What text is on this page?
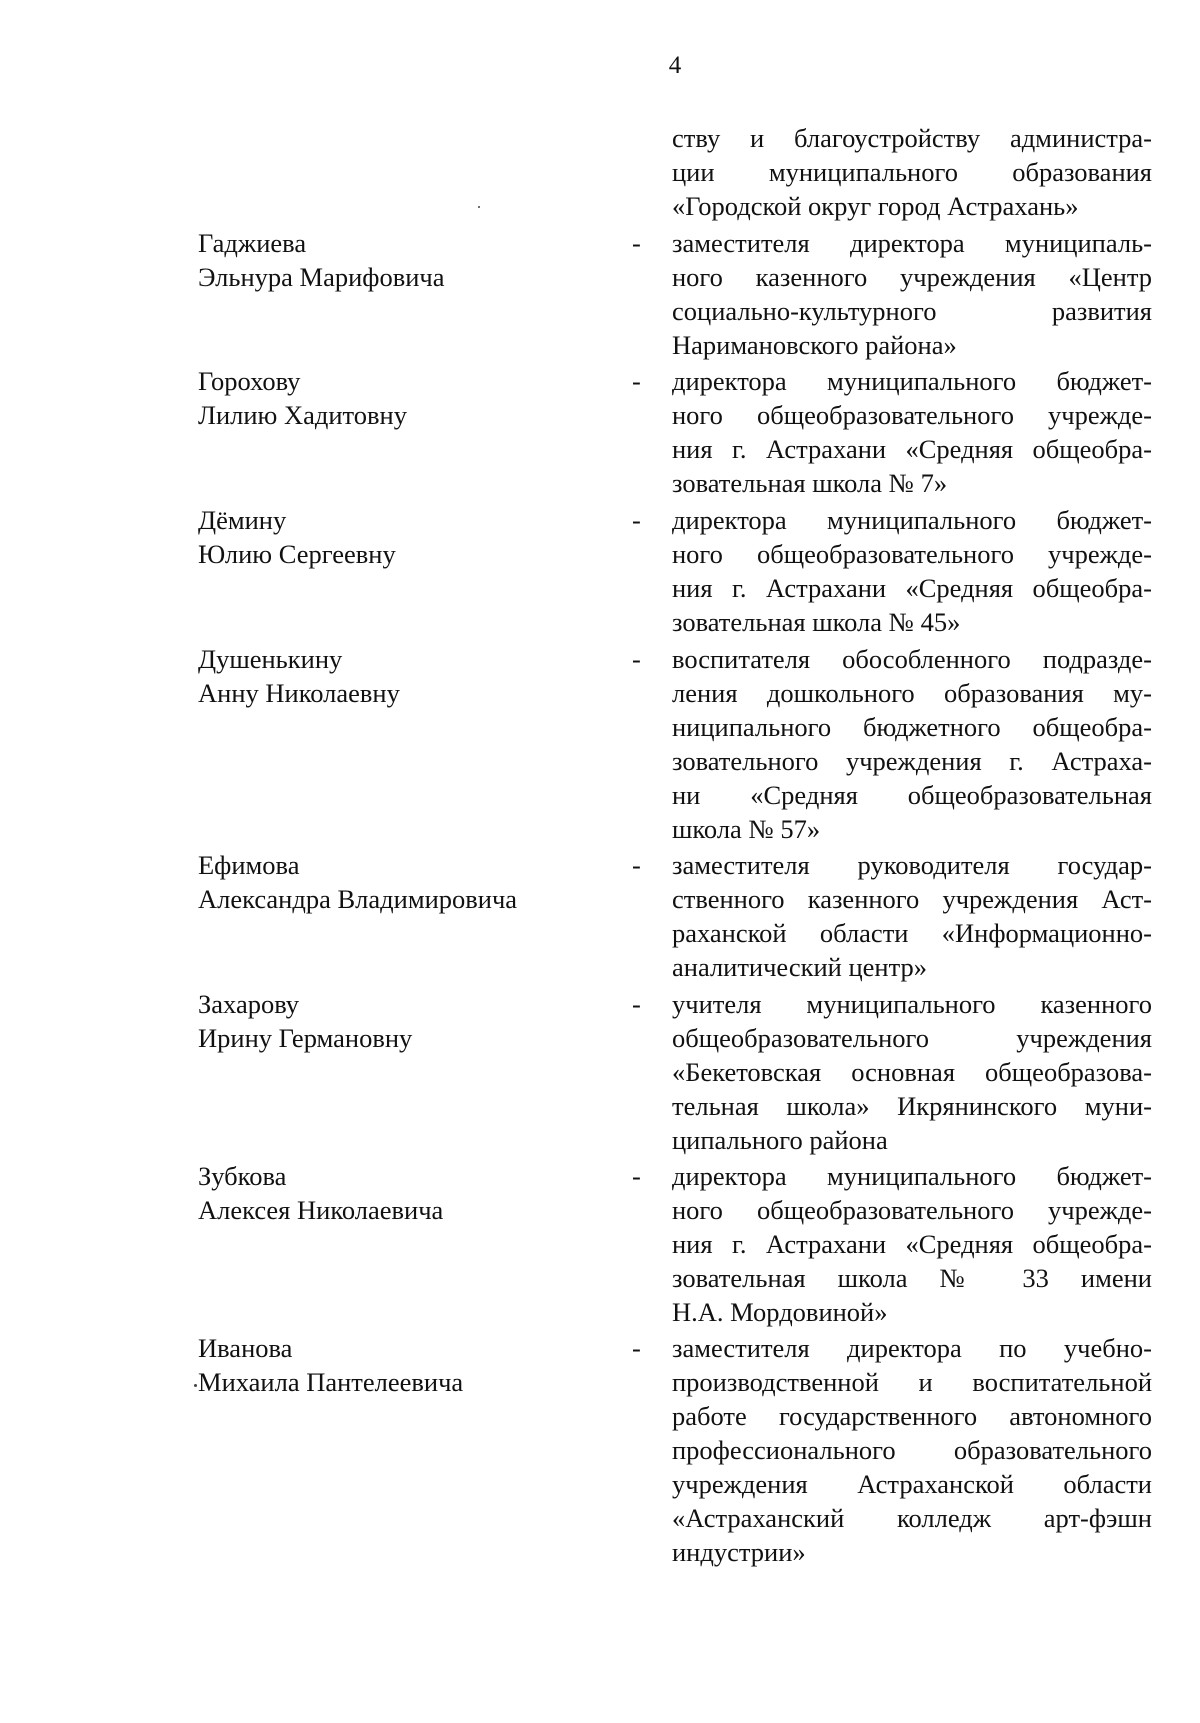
4
ству и благоустройству администра-
ции муниципального образования
«Городской округ город Астрахань»
Гаджиева
Эльнура Марифовича
- заместителя директора муниципаль-
ного казенного учреждения «Центр
социально-культурного развития
Наримановского района»
Горохову
Лилию Хадитовну
- директора муниципального бюджет-
ного общеобразовательного учрежде-
ния г. Астрахани «Средняя общеобра-
зовательная школа № 7»
Дёмину
Юлию Сергеевну
- директора муниципального бюджет-
ного общеобразовательного учрежде-
ния г. Астрахани «Средняя общеобра-
зовательная школа № 45»
Душенькину
Анну Николаевну
- воспитателя обособленного подразде-
ления дошкольного образования му-
ниципального бюджетного общеобра-
зовательного учреждения г. Астраха-
ни «Средняя общеобразовательная
школа № 57»
Ефимова
Александра Владимировича
- заместителя руководителя государ-
ственного казенного учреждения Аст-
раханской области «Информационно-
аналитический центр»
Захарову
Ирину Германовну
- учителя муниципального казенного
общеобразовательного учреждения
«Бекетовская основная общеобразова-
тельная школа» Икрянинского муни-
ципального района
Зубкова
Алексея Николаевича
- директора муниципального бюджет-
ного общеобразовательного учрежде-
ния г. Астрахани «Средняя общеобра-
зовательная школа № 33 имени
Н.А. Мордовиной»
Иванова
Михаила Пантелеевича
- заместителя директора по учебно-
производственной и воспитательной
работе государственного автономного
профессионального образовательного
учреждения Астраханской области
«Астраханский колледж арт-фэшн
индустрии»
